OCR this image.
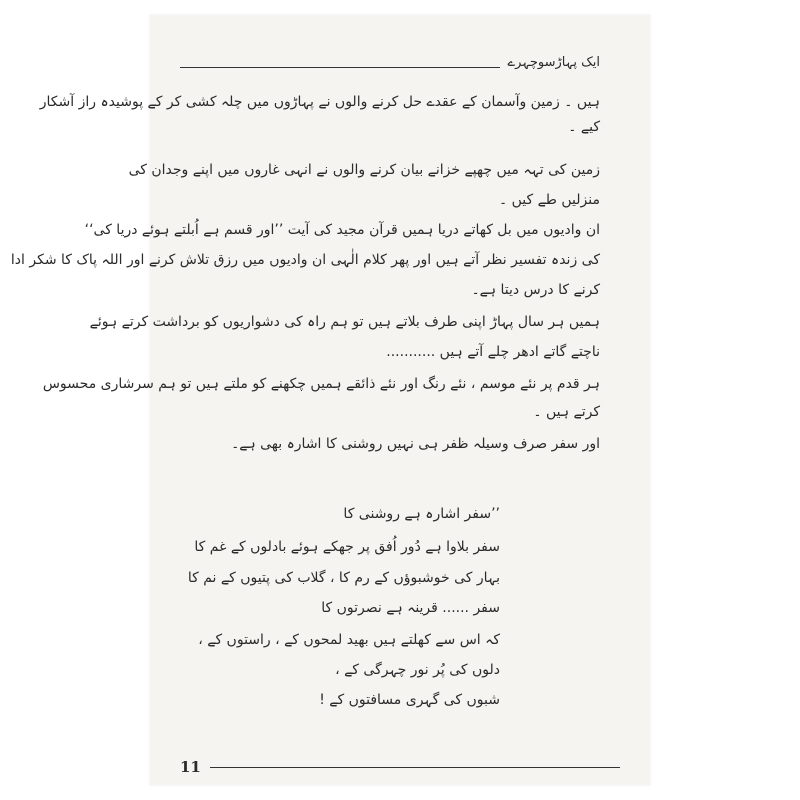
ایک پہاڑسوچہرے
ہیں ۔ زمین وآسمان کے عقدے حل کرنے والوں نے پہاڑوں میں چلہ کشی کر کے پوشیدہ راز آشکار
کیے ۔
زمین کی تہہ میں چھپے خزانے بیان کرنے والوں نے انہی غاروں میں اپنے وجدان کی
منزلیں طے کیں ۔
ان وادیوں میں بل کھاتے دریا ہمیں قرآن مجید کی آیت ’’اور قسم ہے اُبلتے ہوئے دریا کی‘‘
کی زندہ تفسیر نظر آتے ہیں اور پھر کلام الٰہی ان وادیوں میں رزق تلاش کرنے اور اللہ پاک کا شکر ادا
کرنے کا درس دیتا ہے۔
ہمیں ہر سال پہاڑ اپنی طرف بلاتے ہیں تو ہم راہ کی دشواریوں کو برداشت کرتے ہوئے
ناچتے گاتے ادھر چلے آتے ہیں ...........
ہر قدم پر نئے موسم ، نئے رنگ اور نئے ذائقے ہمیں چکھنے کو ملتے ہیں تو ہم سرشاری محسوس
کرتے ہیں ۔
اور سفر صرف وسیلہ ظفر ہی نہیں روشنی کا اشارہ بھی ہے۔
’’سفر اشارہ ہے روشنی کا
سفر بلاوا ہے دُور اُفق پر جھکے ہوئے بادلوں کے غم کا
بہار کی خوشبوؤں کے رم کا ، گلاب کی پتیوں کے نم کا
سفر ...... قرینہ ہے نصرتوں کا
کہ اس سے کھلتے ہیں بھید لمحوں کے ، راستوں کے ،
دلوں کی پُر نور چہرگی کے ،
شبوں کی گہری مسافتوں کے !
11
